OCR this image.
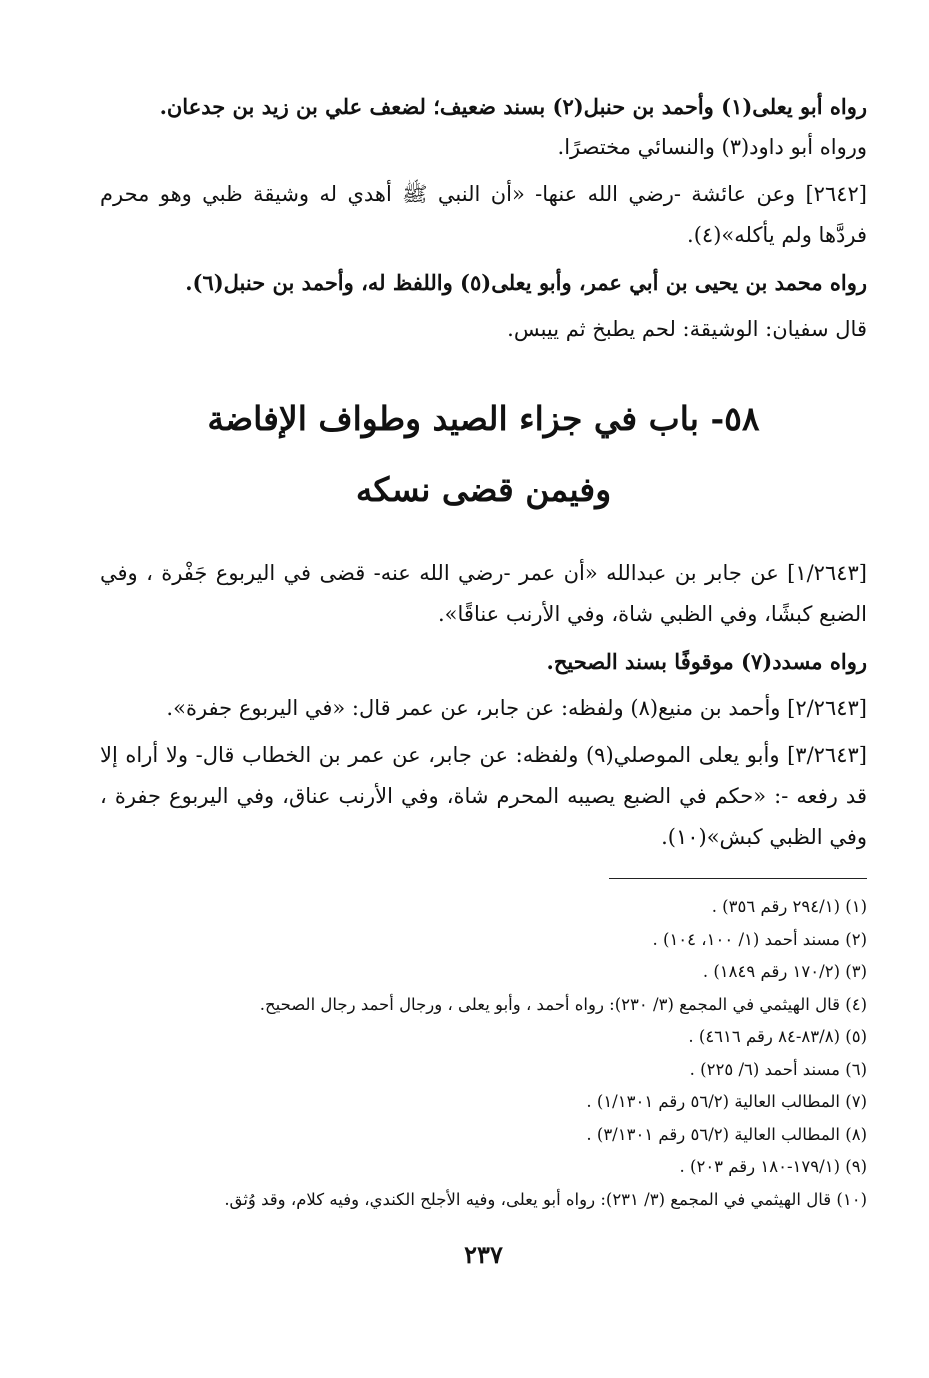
رواه أبو يعلى(١) وأحمد بن حنبل(٢) بسند ضعيف؛ لضعف علي بن زيد بن جدعان.

ورواه أبو داود(٣) والنسائي مختصرًا.

[٢٦٤٢] وعن عائشة -رضي الله عنها- «أن النبي ﷺ أهدي له وشيقة ظبي وهو محرم فردَّها ولم يأكله»(٤).

رواه محمد بن يحيى بن أبي عمر، وأبو يعلى(٥) واللفظ له، وأحمد بن حنبل(٦).

قال سفيان: الوشيقة: لحم يطبخ ثم ييبس.

٥٨- باب في جزاء الصيد وطواف الإفاضة
وفيمن قضى نسكه

[١/٢٦٤٣] عن جابر بن عبدالله «أن عمر -رضي الله عنه- قضى في اليربوع جَفْرة ، وفي الضبع كبشًا، وفي الظبي شاة، وفي الأرنب عناقًا».

رواه مسدد(٧) موقوفًا بسند الصحيح.

[٢/٢٦٤٣] وأحمد بن منيع(٨) ولفظه: عن جابر، عن عمر قال: «في اليربوع جفرة».

[٣/٢٦٤٣] وأبو يعلى الموصلي(٩) ولفظه: عن جابر، عن عمر بن الخطاب قال- ولا أراه إلا قد رفعه -: «حكم في الضبع يصيبه المحرم شاة، وفي الأرنب عناق، وفي اليربوع جفرة ، وفي الظبي كبش»(١٠).

(١) (٢٩٤/١ رقم ٣٥٦) .

(٢) مسند أحمد (١/ ١٠٠، ١٠٤) .

(٣) (١٧٠/٢ رقم ١٨٤٩) .

(٤) قال الهيثمي في المجمع (٣/ ٢٣٠): رواه أحمد ، وأبو يعلى ، ورجال أحمد رجال الصحيح.

(٥) (٨٣/٨-٨٤ رقم ٤٦١٦) .

(٦) مسند أحمد (٦/ ٢٢٥) .

(٧) المطالب العالية (٥٦/٢ رقم ١/١٣٠١) .

(٨) المطالب العالية (٥٦/٢ رقم ٣/١٣٠١) .

(٩) (١٧٩/١-١٨٠ رقم ٢٠٣) .

(١٠) قال الهيثمي في المجمع (٣/ ٢٣١): رواه أبو يعلى، وفيه الأجلح الكندي، وفيه كلام، وقد وُثق.

٢٣٧
